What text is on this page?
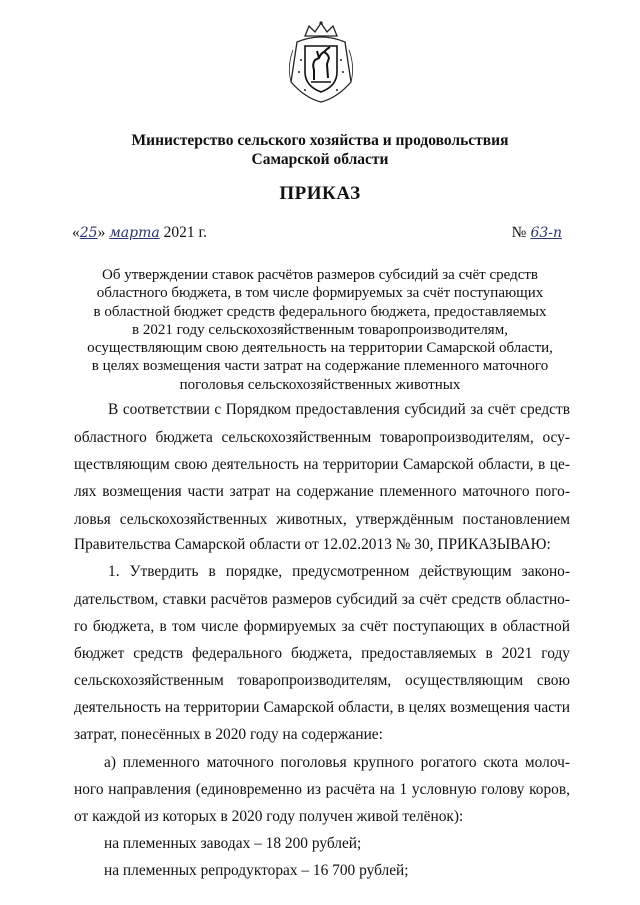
Министерство сельского хозяйства и продовольствия
Самарской области
ПРИКАЗ
«25» марта 2021 г.	№ 63-п
Об утверждении ставок расчётов размеров субсидий за счёт средств
областного бюджета, в том числе формируемых за счёт поступающих
в областной бюджет средств федерального бюджета, предоставляемых
в 2021 году сельскохозяйственным товаропроизводителям,
осуществляющим свою деятельность на территории Самарской области,
в целях возмещения части затрат на содержание племенного маточного
поголовья сельскохозяйственных животных
В соответствии с Порядком предоставления субсидий за счёт средств
областного бюджета сельскохозяйственным товаропроизводителям, осу-
ществляющим свою деятельность на территории Самарской области, в це-
лях возмещения части затрат на содержание племенного маточного пого-
ловья сельскохозяйственных животных, утверждённым постановлением
Правительства Самарской области от 12.02.2013 № 30, ПРИКАЗЫВАЮ:
1. Утвердить в порядке, предусмотренном действующим законо-
дательством, ставки расчётов размеров субсидий за счёт средств областно-
го бюджета, в том числе формируемых за счёт поступающих в областной
бюджет средств федерального бюджета, предоставляемых в 2021 году
сельскохозяйственным товаропроизводителям, осуществляющим свою
деятельность на территории Самарской области, в целях возмещения части
затрат, понесённых в 2020 году на содержание:
а) племенного маточного поголовья крупного рогатого скота молоч-
ного направления (единовременно из расчёта на 1 условную голову коров,
от каждой из которых в 2020 году получен живой телёнок):
на племенных заводах – 18 200 рублей;
на племенных репродукторах – 16 700 рублей;
